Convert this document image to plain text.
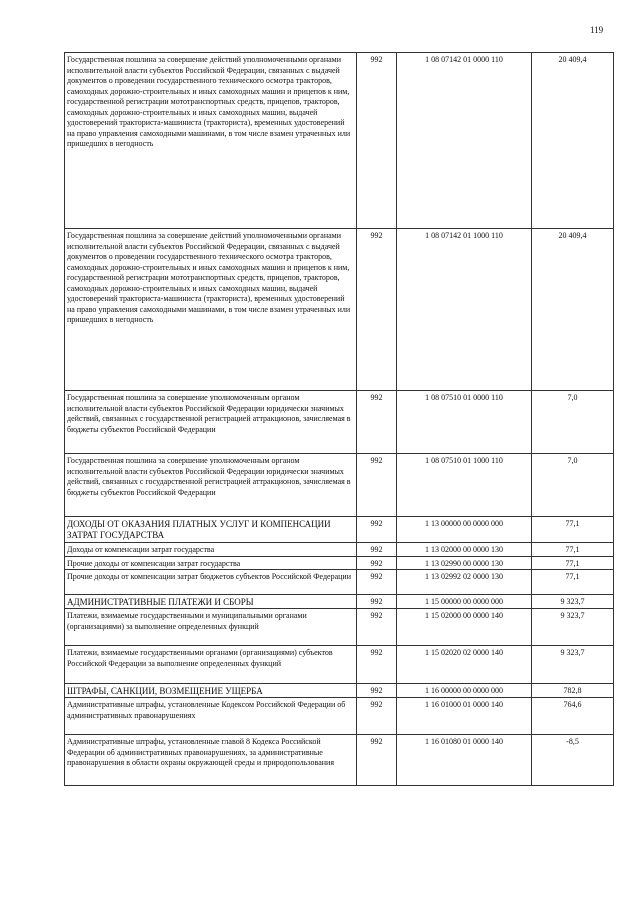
119
Государственная пошлина за совершение действий уполномоченными органами исполнительной власти субъектов Российской Федерации, связанных с выдачей документов о проведении государственного технического осмотра тракторов, самоходных дорожно-строительных и иных самоходных машин и прицепов к ним, государственной регистрации мототранспортных средств, прицепов, тракторов, самоходных дорожно-строительных и иных самоходных машин, выдачей удостоверений тракториста-машиниста (тракториста), временных удостоверений на право управления самоходными машинами, в том числе взамен утраченных или пришедших в негодность	992	1 08 07142 01 0000 110	20 409,4
Государственная пошлина за совершение действий уполномоченными органами исполнительной власти субъектов Российской Федерации, связанных с выдачей документов о проведении государственного технического осмотра тракторов, самоходных дорожно-строительных и иных самоходных машин и прицепов к ним, государственной регистрации мототранспортных средств, прицепов, тракторов, самоходных дорожно-строительных и иных самоходных машин, выдачей удостоверений тракториста-машиниста (тракториста), временных удостоверений на право управления самоходными машинами, в том числе взамен утраченных или пришедших в негодность	992	1 08 07142 01 1000 110	20 409,4
Государственная пошлина за совершение уполномоченным органом исполнительной власти субъектов Российской Федерации юридически значимых действий, связанных с государственной регистрацией аттракционов, зачисляемая в бюджеты субъектов Российской Федерации	992	1 08 07510 01 0000 110	7,0
Государственная пошлина за совершение уполномоченным органом исполнительной власти субъектов Российской Федерации юридически значимых действий, связанных с государственной регистрацией аттракционов, зачисляемая в бюджеты субъектов Российской Федерации	992	1 08 07510 01 1000 110	7,0
ДОХОДЫ ОТ ОКАЗАНИЯ ПЛАТНЫХ УСЛУГ И КОМПЕНСАЦИИ ЗАТРАТ ГОСУДАРСТВА	992	1 13 00000 00 0000 000	77,1
Доходы от компенсации затрат государства	992	1 13 02000 00 0000 130	77,1
Прочие доходы от компенсации затрат государства	992	1 13 02990 00 0000 130	77,1
Прочие доходы от компенсации затрат бюджетов субъектов Российской Федерации	992	1 13 02992 02 0000 130	77,1
АДМИНИСТРАТИВНЫЕ ПЛАТЕЖИ И СБОРЫ	992	1 15 00000 00 0000 000	9 323,7
Платежи, взимаемые государственными и муниципальными органами (организациями) за выполнение определенных функций	992	1 15 02000 00 0000 140	9 323,7
Платежи, взимаемые государственными органами (организациями) субъектов Российской Федерации за выполнение определенных функций	992	1 15 02020 02 0000 140	9 323,7
ШТРАФЫ, САНКЦИИ, ВОЗМЕЩЕНИЕ УЩЕРБА	992	1 16 00000 00 0000 000	782,8
Административные штрафы, установленные Кодексом Российской Федерации об административных правонарушениях	992	1 16 01000 01 0000 140	764,6
Административные штрафы, установленные главой 8 Кодекса Российской Федерации об административных правонарушениях, за административные правонарушения в области охраны окружающей среды и природопользования	992	1 16 01080 01 0000 140	-8,5
